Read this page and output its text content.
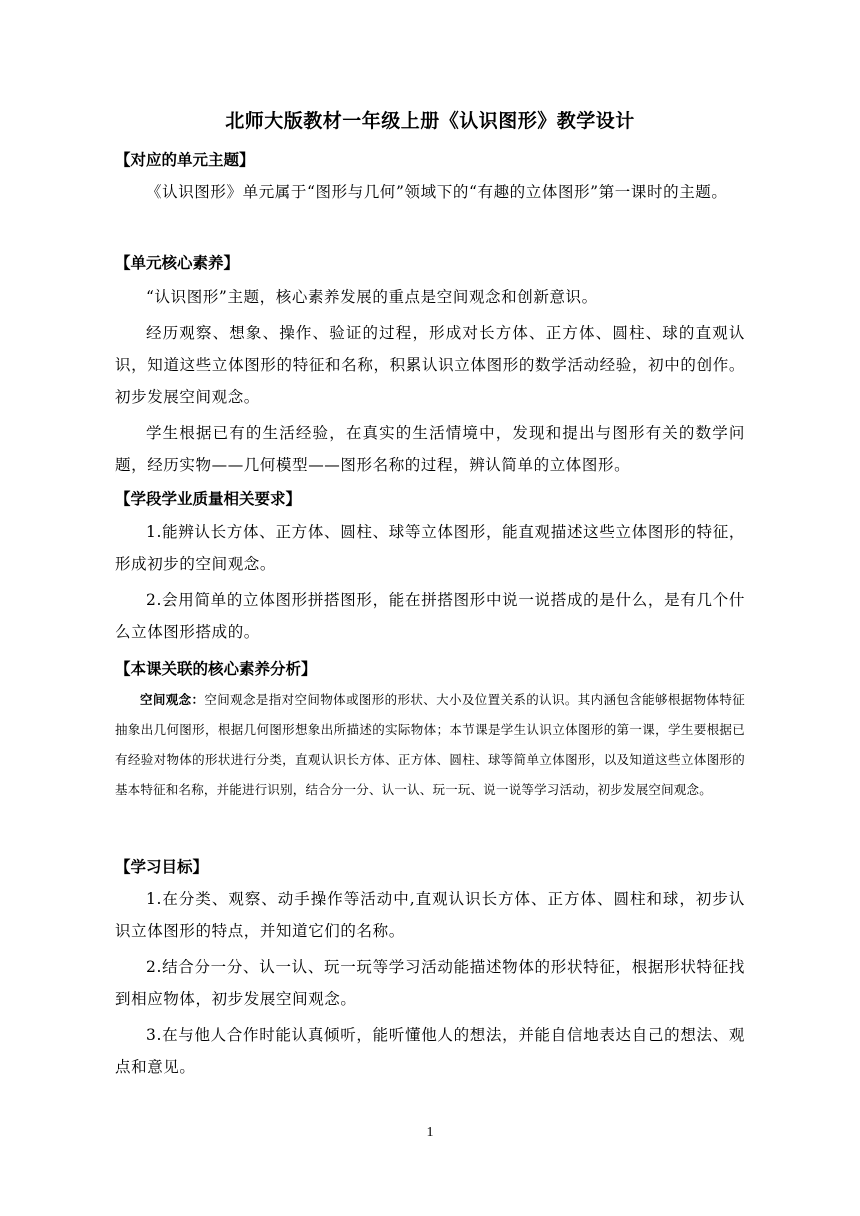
北师大版教材一年级上册《认识图形》教学设计
【对应的单元主题】
《认识图形》单元属于“图形与几何”领域下的“有趣的立体图形”第一课时的主题。
【单元核心素养】
“认识图形”主题，核心素养发展的重点是空间观念和创新意识。
经历观察、想象、操作、验证的过程，形成对长方体、正方体、圆柱、球的直观认识，知道这些立体图形的特征和名称，积累认识立体图形的数学活动经验，初中的创作。初步发展空间观念。
学生根据已有的生活经验，在真实的生活情境中，发现和提出与图形有关的数学问题，经历实物——几何模型——图形名称的过程，辨认简单的立体图形。
【学段学业质量相关要求】
1.能辨认长方体、正方体、圆柱、球等立体图形，能直观描述这些立体图形的特征，形成初步的空间观念。
2.会用简单的立体图形拼搭图形，能在拼搭图形中说一说搭成的是什么，是有几个什么立体图形搭成的。
【本课关联的核心素养分析】
空间观念：空间观念是指对空间物体或图形的形状、大小及位置关系的认识。其内涵包含能够根据物体特征抽象出几何图形，根据几何图形想象出所描述的实际物体；本节课是学生认识立体图形的第一课，学生要根据已有经验对物体的形状进行分类，直观认识长方体、正方体、圆柱、球等简单立体图形，以及知道这些立体图形的基本特征和名称，并能进行识别，结合分一分、认一认、玩一玩、说一说等学习活动，初步发展空间观念。
【学习目标】
1.在分类、观察、动手操作等活动中,直观认识长方体、正方体、圆柱和球，初步认识立体图形的特点，并知道它们的名称。
2.结合分一分、认一认、玩一玩等学习活动能描述物体的形状特征，根据形状特征找到相应物体，初步发展空间观念。
3.在与他人合作时能认真倾听，能听懂他人的想法，并能自信地表达自己的想法、观点和意见。
1
